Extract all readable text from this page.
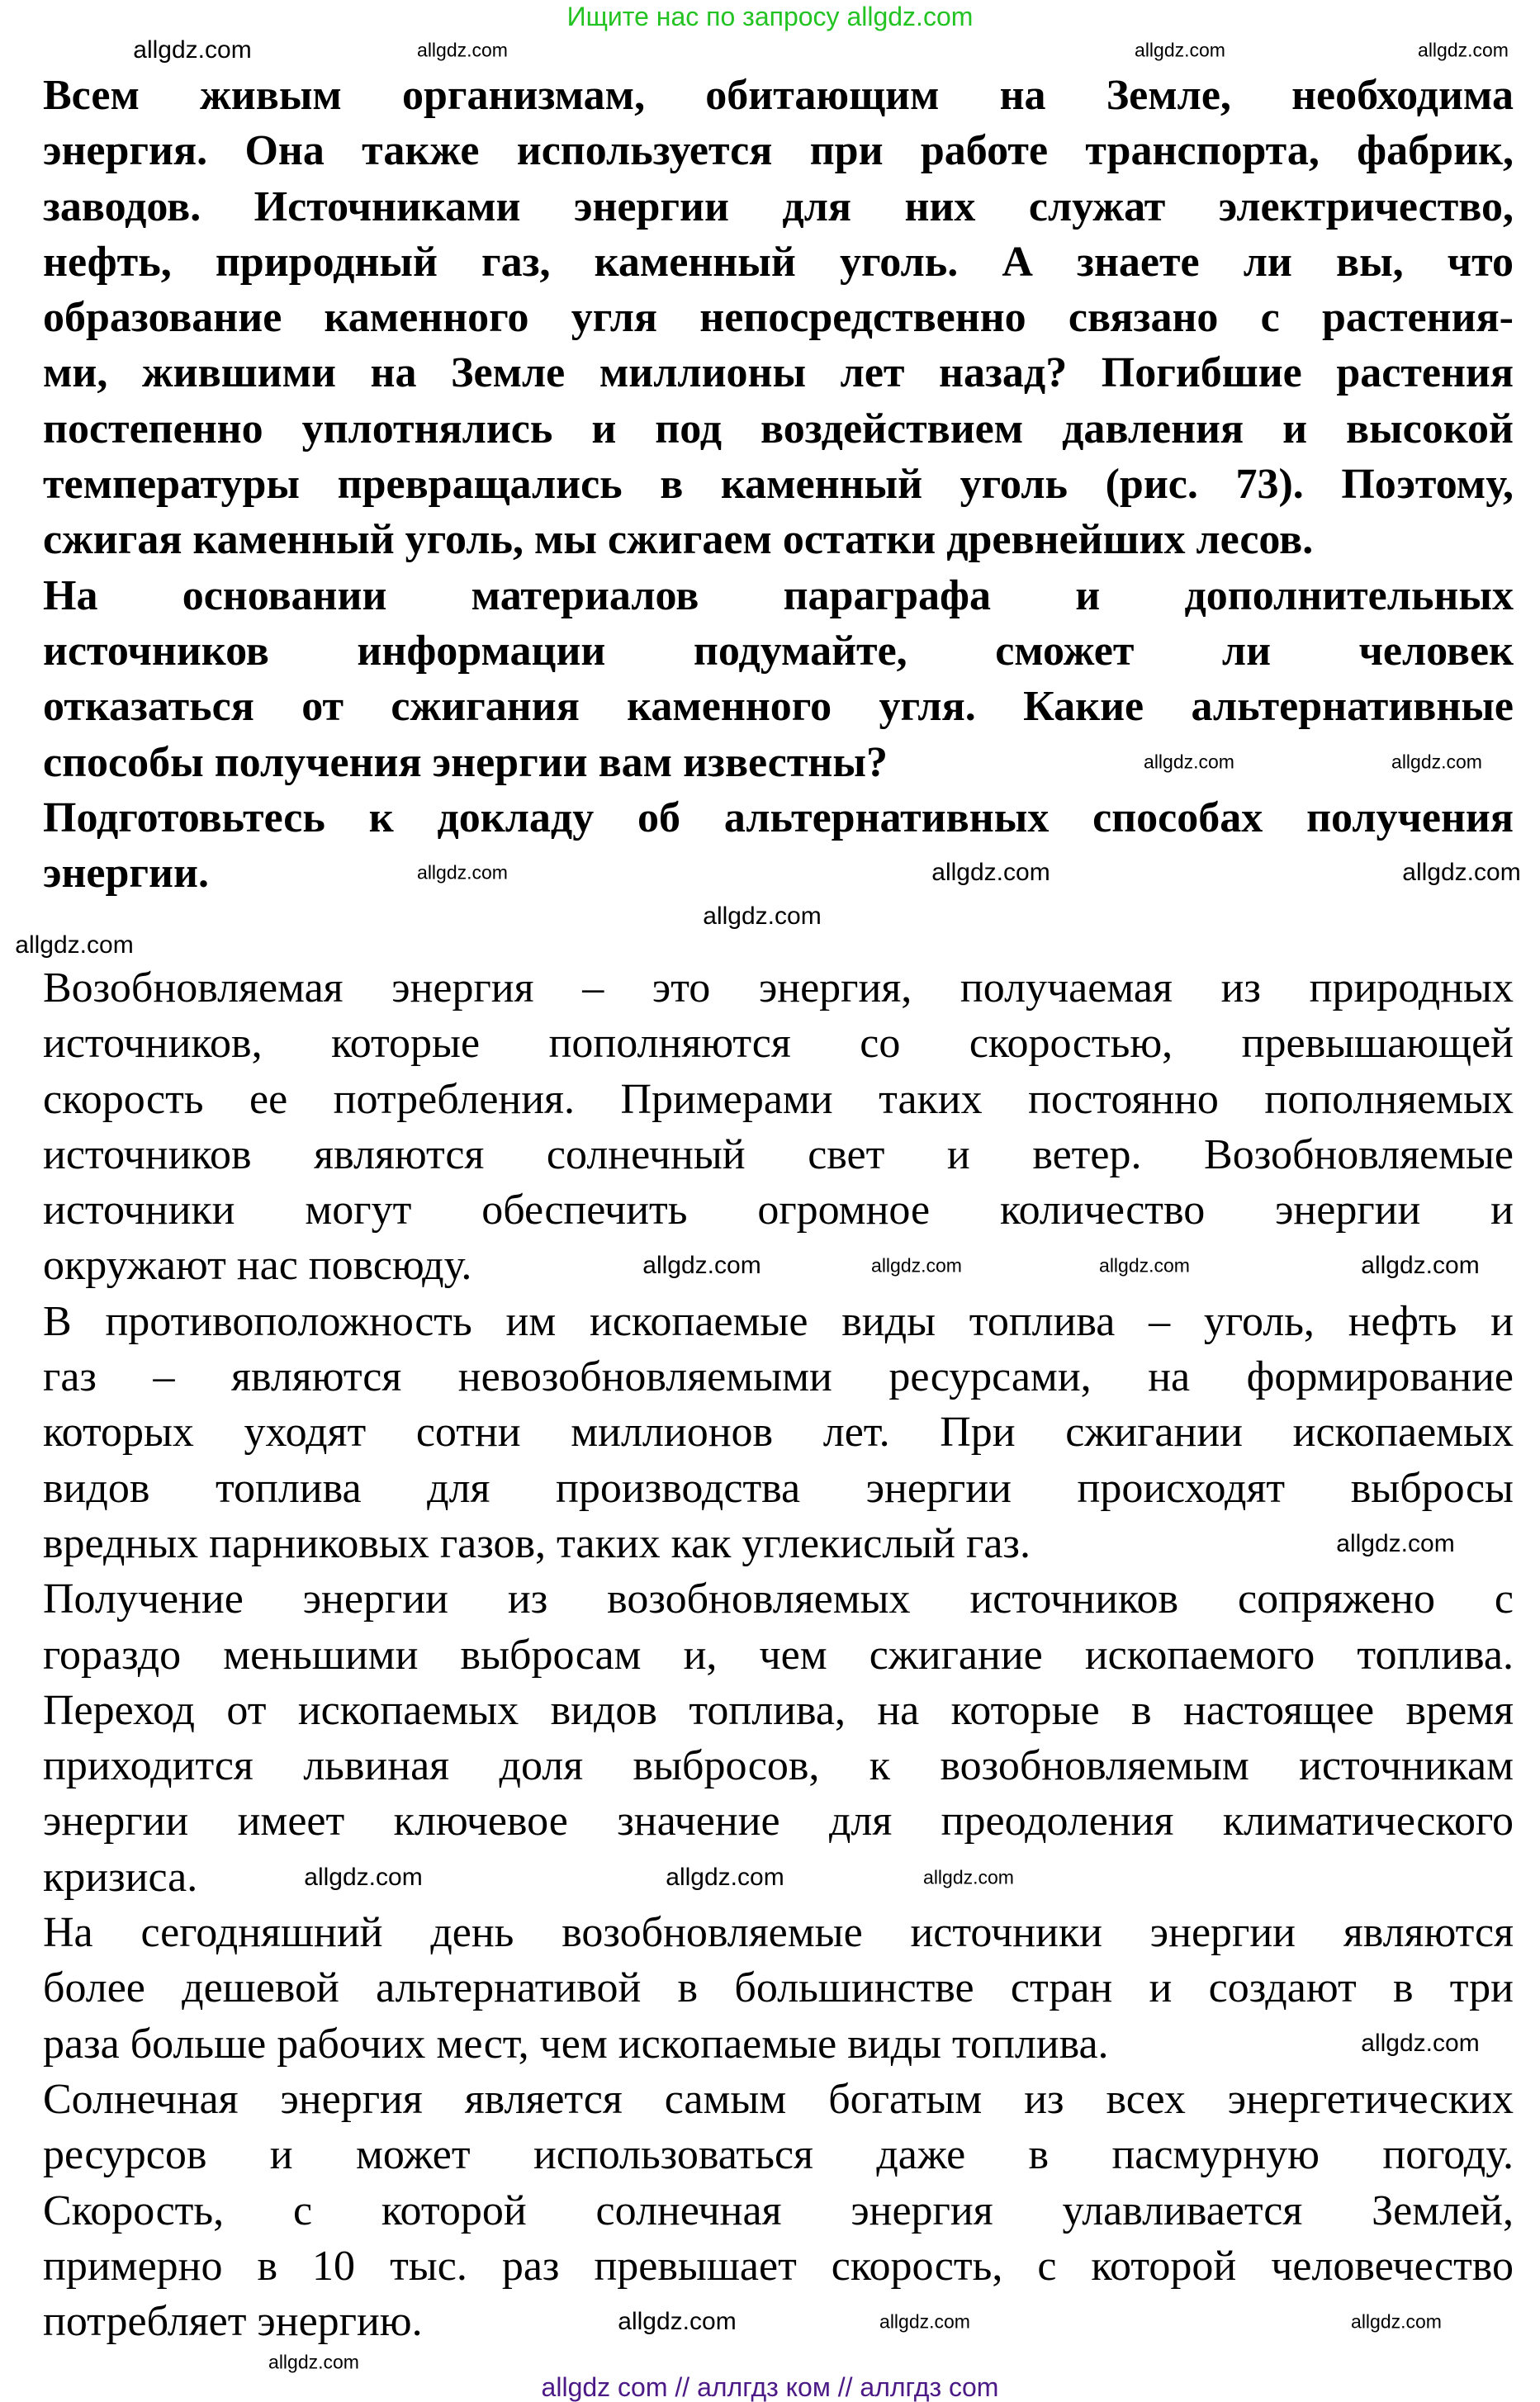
Ищите нас по запросу allgdz.com
Всем живым организмам, обитающим на Земле, необходима
энергия. Она также используется при работе транспорта, фабрик,
заводов. Источниками энергии для них служат электричество,
нефть, природный газ, каменный уголь. А знаете ли вы, что
образование каменного угля непосредственно связано с растения-
ми, жившими на Земле миллионы лет назад? Погибшие растения
постепенно уплотнялись и под воздействием давления и высокой
температуры превращались в каменный уголь (рис. 73). Поэтому,
сжигая каменный уголь, мы сжигаем остатки древнейших лесов.
На основании материалов параграфа и дополнительных
источников информации подумайте, сможет ли человек
отказаться от сжигания каменного угля. Какие альтернативные
способы получения энергии вам известны?
Подготовьтесь к докладу об альтернативных способах получения
энергии.
Возобновляемая энергия – это энергия, получаемая из природных
источников, которые пополняются со скоростью, превышающей
скорость ее потребления. Примерами таких постоянно пополняемых
источников являются солнечный свет и ветер. Возобновляемые
источники могут обеспечить огромное количество энергии и
окружают нас повсюду.
В противоположность им ископаемые виды топлива – уголь, нефть и
газ – являются невозобновляемыми ресурсами, на формирование
которых уходят сотни миллионов лет. При сжигании ископаемых
видов топлива для производства энергии происходят выбросы
вредных парниковых газов, таких как углекислый газ.
Получение энергии из возобновляемых источников сопряжено с
гораздо меньшими выбросам и, чем сжигание ископаемого топлива.
Переход от ископаемых видов топлива, на которые в настоящее время
приходится львиная доля выбросов, к возобновляемым источникам
энергии имеет ключевое значение для преодоления климатического
кризиса.
На сегодняшний день возобновляемые источники энергии являются
более дешевой альтернативой в большинстве стран и создают в три
раза больше рабочих мест, чем ископаемые виды топлива.
Солнечная энергия является самым богатым из всех энергетических
ресурсов и может использоваться даже в пасмурную погоду.
Скорость, с которой солнечная энергия улавливается Землей,
примерно в 10 тыс. раз превышает скорость, с которой человечество
потребляет энергию.
allgdz.com	allgdz.com	allgdz.com	allgdz.com
allgdz.com
allgdz.com
allgdz.com
allgdz.com	allgdz.com
allgdz.com
allgdz.com
allgdz.com	allgdz.com
allgdz.com	allgdz.com
allgdz.com
allgdz.com
allgdz.com	allgdz.com
allgdz.com
allgdz.com
allgdz.com
allgdz.com
allgdz.com
allgdz com // аллгдз ком // аллгдз com
